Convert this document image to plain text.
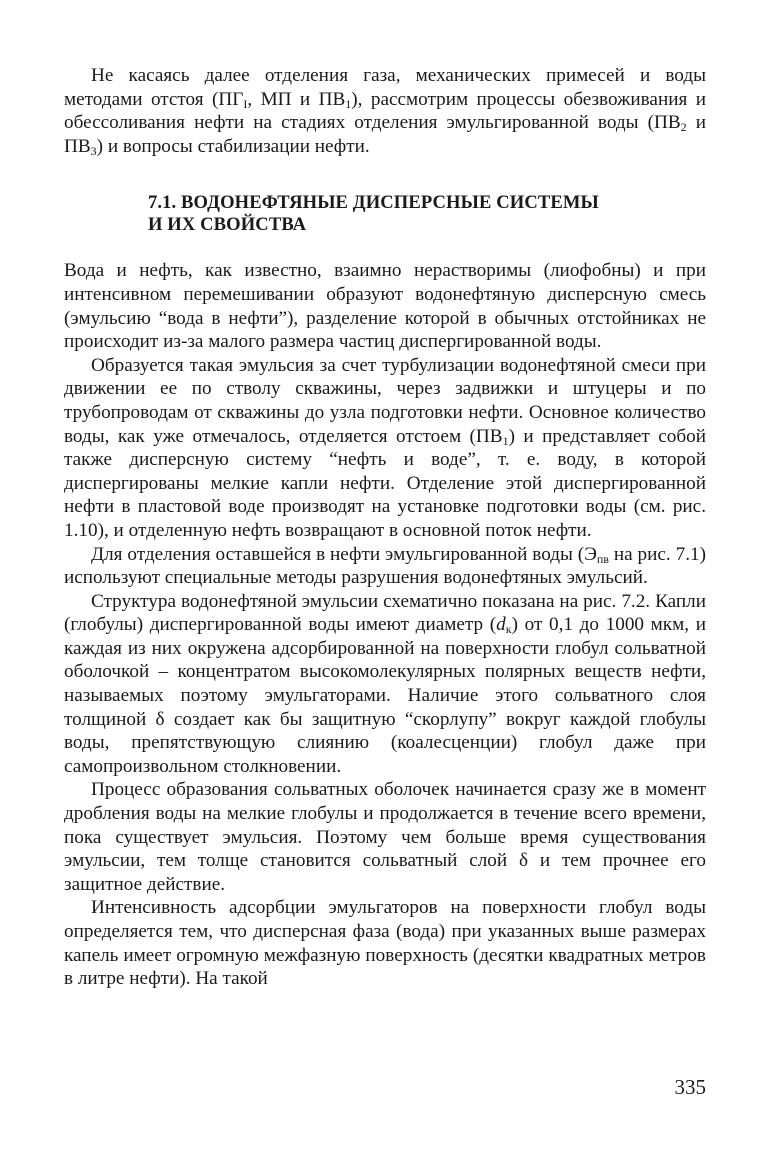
Не касаясь далее отделения газа, механических примесей и воды методами отстоя ($ПГ_I$, МП и $ПВ_1$), рассмотрим процессы обезвоживания и обессоливания нефти на стадиях отделения эмульгированной воды ($ПВ_2$ и $ПВ_3$) и вопросы стабилизации нефти.

7.1. ВОДОНЕФТЯНЫЕ ДИСПЕРСНЫЕ СИСТЕМЫ
И ИХ СВОЙСТВА

Вода и нефть, как известно, взаимно нерастворимы (лиофобны) и при интенсивном перемешивании образуют водонефтяную дисперсную смесь (эмульсию “вода в нефти”), разделение которой в обычных отстойниках не происходит из-за малого размера частиц диспергированной воды.

Образуется такая эмульсия за счет турбулизации водонефтяной смеси при движении ее по стволу скважины, через задвижки и штуцеры и по трубопроводам от скважины до узла подготовки нефти. Основное количество воды, как уже отмечалось, отделяется отстоем $(ПВ_1)$ и представляет собой также дисперсную систему “нефть и воде”, т. е. воду, в которой диспергированы мелкие капли нефти. Отделение этой диспергированной нефти в пластовой воде производят на установке подготовки воды (см. рис. 1.10), и отделенную нефть возвращают в основной поток нефти.

Для отделения оставшейся в нефти эмульгированной воды ($Э_{пв}$ на рис. 7.1) используют специальные методы разрушения водонефтяных эмульсий.

Структура водонефтяной эмульсии схематично показана на рис. 7.2. Капли (глобулы) диспергированной воды имеют диаметр $(d_к)$ от 0,1 до 1000 мкм, и каждая из них окружена адсорбированной на поверхности глобул сольватной оболочкой – концентратом высокомолекулярных полярных веществ нефти, называемых поэтому эмульгаторами. Наличие этого сольватного слоя толщиной δ создает как бы защитную “скорлупу” вокруг каждой глобулы воды, препятствующую слиянию (коалесценции) глобул даже при самопроизвольном столкновении.

Процесс образования сольватных оболочек начинается сразу же в момент дробления воды на мелкие глобулы и продолжается в течение всего времени, пока существует эмульсия. Поэтому чем больше время существования эмульсии, тем толще становится сольватный слой δ и тем прочнее его защитное действие.

Интенсивность адсорбции эмульгаторов на поверхности глобул воды определяется тем, что дисперсная фаза (вода) при указанных выше размерах капель имеет огромную межфазную поверхность (десятки квадратных метров в литре нефти). На такой

335
